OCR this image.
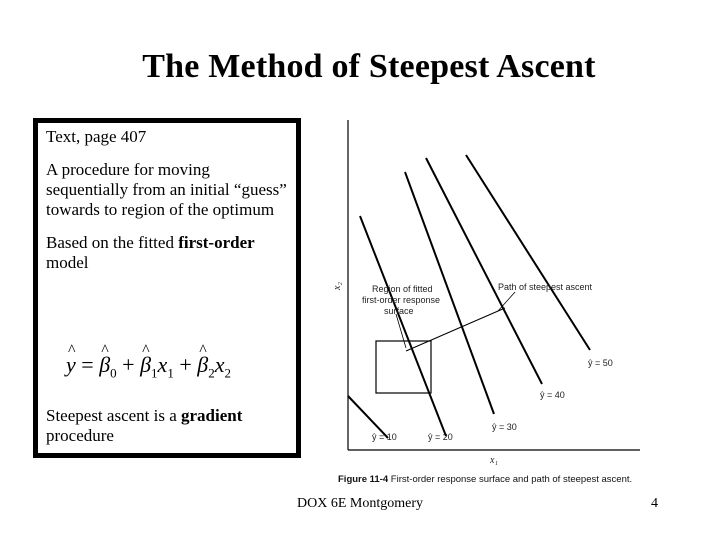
The Method of Steepest Ascent

Text, page 407

A procedure for moving sequentially from an initial “guess” towards to region of the optimum

Based on the fitted first-order model

^ y = ^ $\beta_0$ + ^ $\beta_1x_1$ + ^ $\beta_2x_2$

Steepest ascent is a gradient
procedure

x₂
x₁
Region of fitted
first-order response
surface
Path of steepest ascent
ŷ = 10	ŷ = 20
ŷ = 30
ŷ = 40
ŷ = 50
Figure 11-4 First-order response surface and path of steepest ascent.
DOX 6E Montgomery	4
